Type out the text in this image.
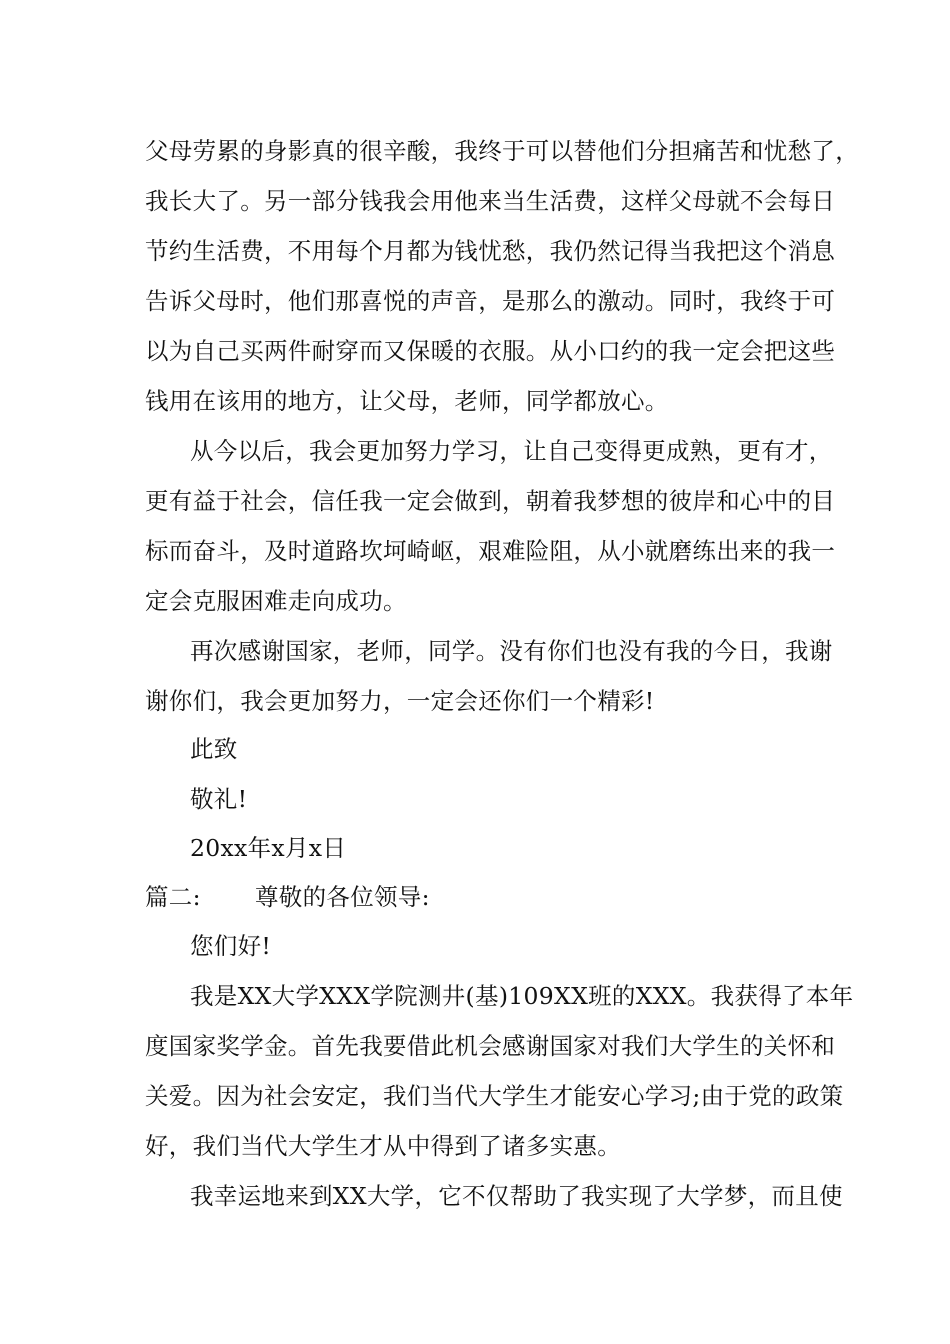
父母劳累的身影真的很辛酸，我终于可以替他们分担痛苦和忧愁了，
我长大了。另一部分钱我会用他来当生活费，这样父母就不会每日
节约生活费，不用每个月都为钱忧愁，我仍然记得当我把这个消息
告诉父母时，他们那喜悦的声音，是那么的激动。同时，我终于可
以为自己买两件耐穿而又保暖的衣服。从小口约的我一定会把这些
钱用在该用的地方，让父母，老师，同学都放心。
从今以后，我会更加努力学习，让自己变得更成熟，更有才，
更有益于社会，信任我一定会做到，朝着我梦想的彼岸和心中的目
标而奋斗，及时道路坎坷崎岖，艰难险阻，从小就磨练出来的我一
定会克服困难走向成功。
再次感谢国家，老师，同学。没有你们也没有我的今日，我谢
谢你们，我会更加努力，一定会还你们一个精彩!
此致
敬礼!
20xx年x月x日
篇二: 尊敬的各位领导:
您们好!
我是XX大学XXX学院测井(基)109XX班的XXX。我获得了本年
度国家奖学金。首先我要借此机会感谢国家对我们大学生的关怀和
关爱。因为社会安定，我们当代大学生才能安心学习;由于党的政策
好，我们当代大学生才从中得到了诸多实惠。
我幸运地来到XX大学，它不仅帮助了我实现了大学梦，而且使
